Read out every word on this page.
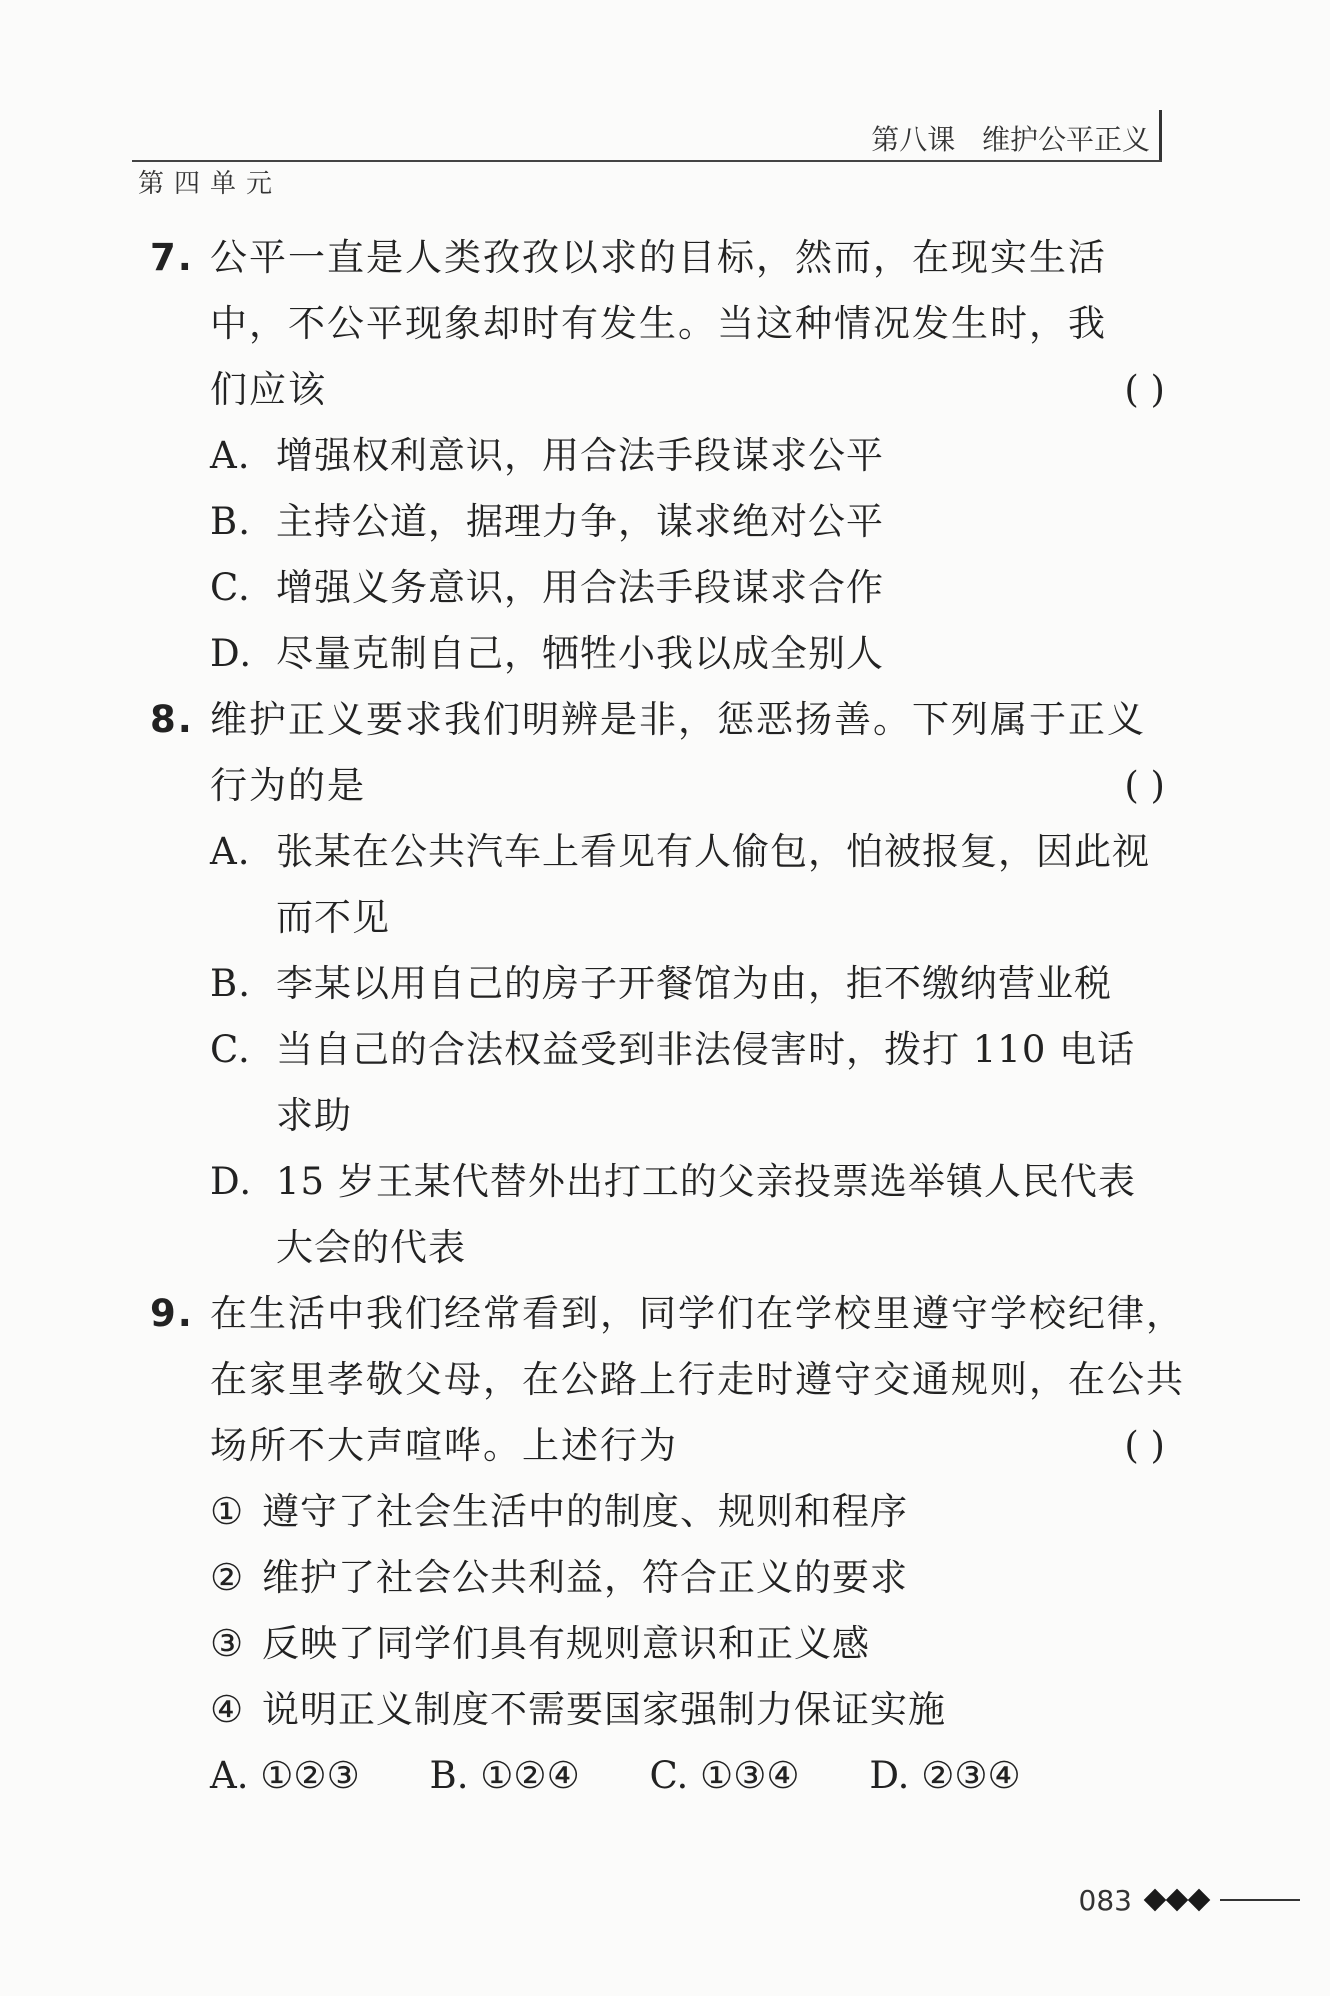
第八课   维护公平正义
第四单元
7. 公平一直是人类孜孜以求的目标，然而，在现实生活
中，不公平现象却时有发生。当这种情况发生时，我
们应该	( )
A. 增强权利意识，用合法手段谋求公平
B. 主持公道，据理力争，谋求绝对公平
C. 增强义务意识，用合法手段谋求合作
D. 尽量克制自己，牺牲小我以成全别人
8. 维护正义要求我们明辨是非，惩恶扬善。下列属于正义
行为的是	( )
A. 张某在公共汽车上看见有人偷包，怕被报复，因此视
而不见
B. 李某以用自己的房子开餐馆为由，拒不缴纳营业税
C. 当自己的合法权益受到非法侵害时，拨打 110 电话
求助
D. 15 岁王某代替外出打工的父亲投票选举镇人民代表
大会的代表
9. 在生活中我们经常看到，同学们在学校里遵守学校纪律，
在家里孝敬父母，在公路上行走时遵守交通规则，在公共
场所不大声喧哗。上述行为	( )
① 遵守了社会生活中的制度、规则和程序
② 维护了社会公共利益，符合正义的要求
③ 反映了同学们具有规则意识和正义感
④ 说明正义制度不需要国家强制力保证实施
A. ①②③ B. ①②④ C. ①③④ D. ②③④
083
